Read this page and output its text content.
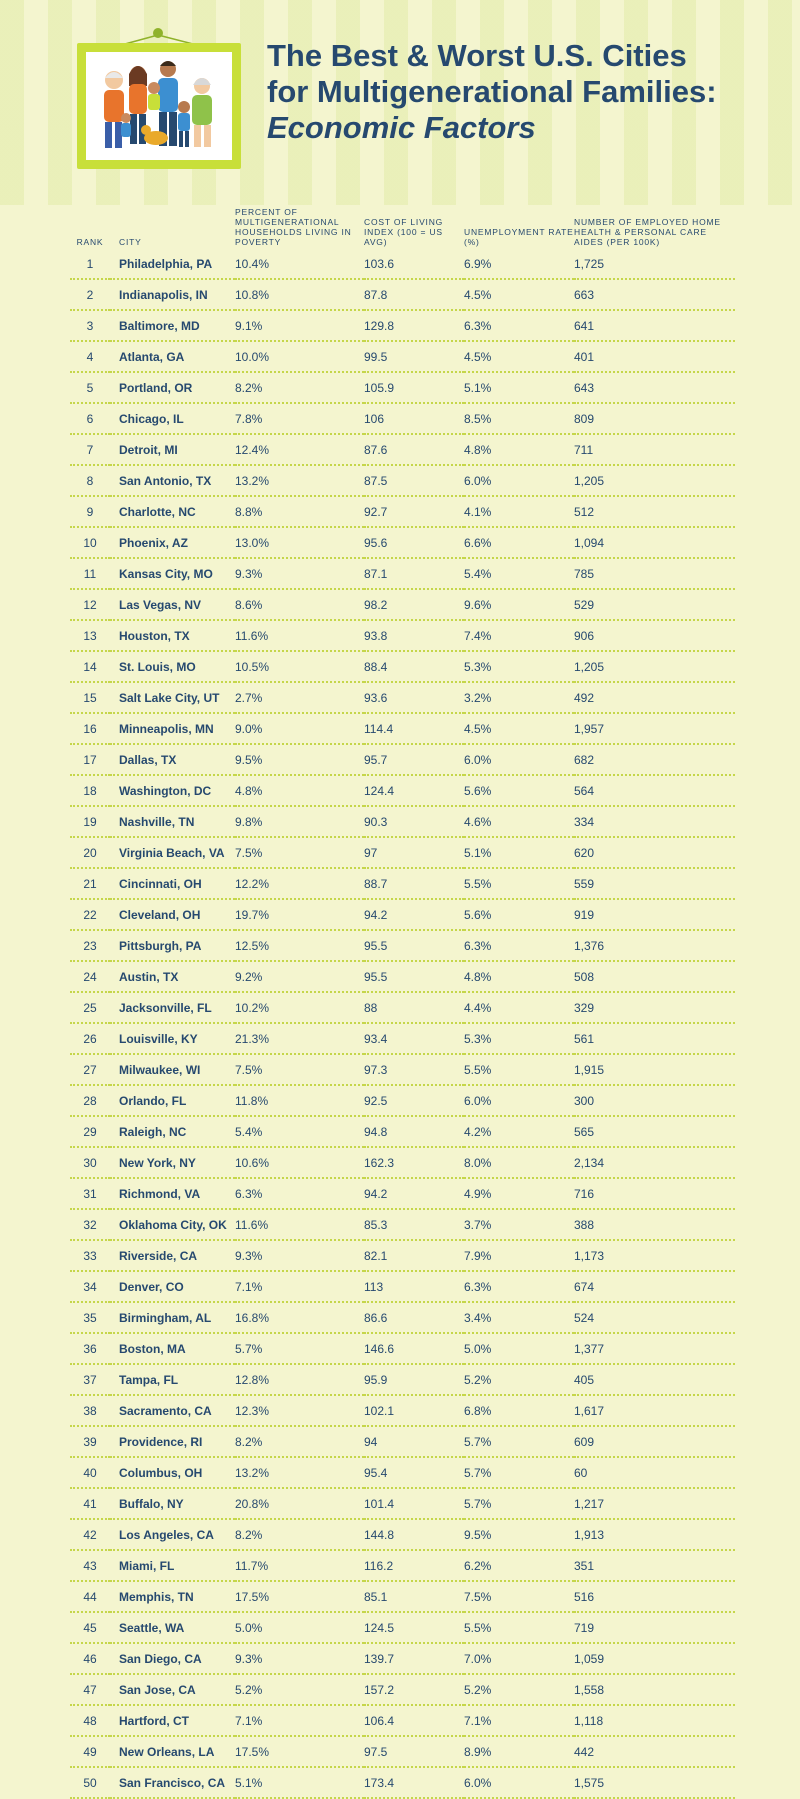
The Best & Worst U.S. Cities
for Multigenerational Families:
Economic Factors
RANK	CITY	PERCENT OF MULTIGENERATIONAL HOUSEHOLDS LIVING IN POVERTY	COST OF LIVING INDEX (100 = US AVG)	UNEMPLOYMENT RATE (%)	NUMBER OF EMPLOYED HOME HEALTH & PERSONAL CARE AIDES (PER 100K)
1	Philadelphia, PA	10.4%	103.6	6.9%	1,725
2	Indianapolis, IN	10.8%	87.8	4.5%	663
3	Baltimore, MD	9.1%	129.8	6.3%	641
4	Atlanta, GA	10.0%	99.5	4.5%	401
5	Portland, OR	8.2%	105.9	5.1%	643
6	Chicago, IL	7.8%	106	8.5%	809
7	Detroit, MI	12.4%	87.6	4.8%	711
8	San Antonio, TX	13.2%	87.5	6.0%	1,205
9	Charlotte, NC	8.8%	92.7	4.1%	512
10	Phoenix, AZ	13.0%	95.6	6.6%	1,094
11	Kansas City, MO	9.3%	87.1	5.4%	785
12	Las Vegas, NV	8.6%	98.2	9.6%	529
13	Houston, TX	11.6%	93.8	7.4%	906
14	St. Louis, MO	10.5%	88.4	5.3%	1,205
15	Salt Lake City, UT	2.7%	93.6	3.2%	492
16	Minneapolis, MN	9.0%	114.4	4.5%	1,957
17	Dallas, TX	9.5%	95.7	6.0%	682
18	Washington, DC	4.8%	124.4	5.6%	564
19	Nashville, TN	9.8%	90.3	4.6%	334
20	Virginia Beach, VA	7.5%	97	5.1%	620
21	Cincinnati, OH	12.2%	88.7	5.5%	559
22	Cleveland, OH	19.7%	94.2	5.6%	919
23	Pittsburgh, PA	12.5%	95.5	6.3%	1,376
24	Austin, TX	9.2%	95.5	4.8%	508
25	Jacksonville, FL	10.2%	88	4.4%	329
26	Louisville, KY	21.3%	93.4	5.3%	561
27	Milwaukee, WI	7.5%	97.3	5.5%	1,915
28	Orlando, FL	11.8%	92.5	6.0%	300
29	Raleigh, NC	5.4%	94.8	4.2%	565
30	New York, NY	10.6%	162.3	8.0%	2,134
31	Richmond, VA	6.3%	94.2	4.9%	716
32	Oklahoma City, OK	11.6%	85.3	3.7%	388
33	Riverside, CA	9.3%	82.1	7.9%	1,173
34	Denver, CO	7.1%	113	6.3%	674
35	Birmingham, AL	16.8%	86.6	3.4%	524
36	Boston, MA	5.7%	146.6	5.0%	1,377
37	Tampa, FL	12.8%	95.9	5.2%	405
38	Sacramento, CA	12.3%	102.1	6.8%	1,617
39	Providence, RI	8.2%	94	5.7%	609
40	Columbus, OH	13.2%	95.4	5.7%	60
41	Buffalo, NY	20.8%	101.4	5.7%	1,217
42	Los Angeles, CA	8.2%	144.8	9.5%	1,913
43	Miami, FL	11.7%	116.2	6.2%	351
44	Memphis, TN	17.5%	85.1	7.5%	516
45	Seattle, WA	5.0%	124.5	5.5%	719
46	San Diego, CA	9.3%	139.7	7.0%	1,059
47	San Jose, CA	5.2%	157.2	5.2%	1,558
48	Hartford, CT	7.1%	106.4	7.1%	1,118
49	New Orleans, LA	17.5%	97.5	8.9%	442
50	San Francisco, CA	5.1%	173.4	6.0%	1,575
